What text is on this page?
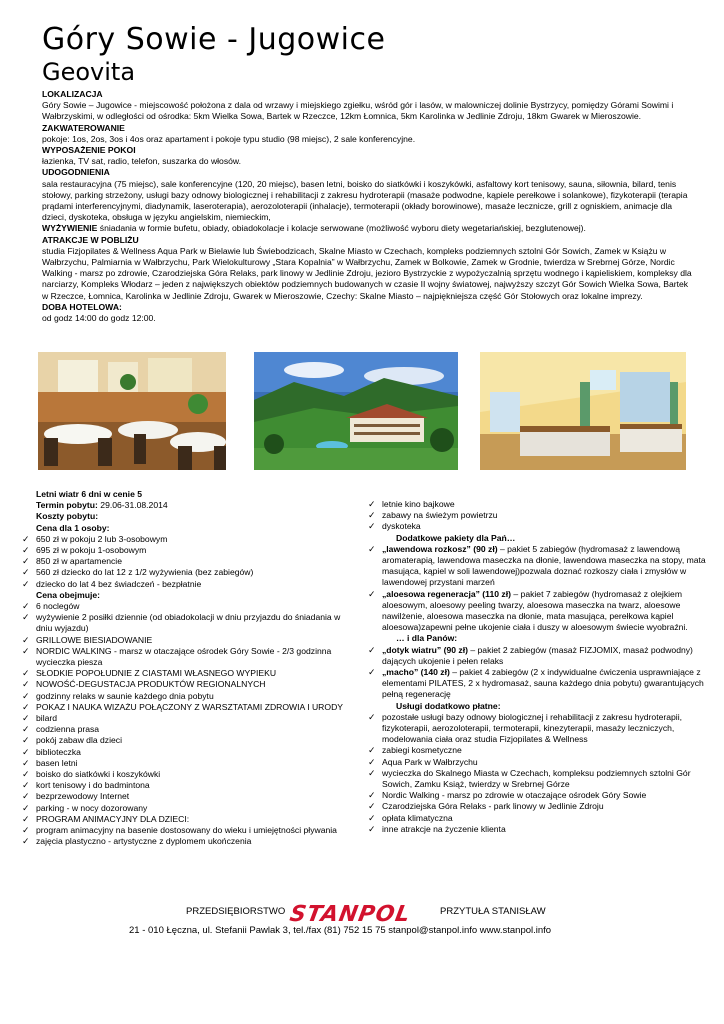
Góry Sowie - Jugowice
Geovita

LOKALIZACJA

Góry Sowie – Jugowice - miejscowość położona z dala od wrzawy i miejskiego zgiełku, wśród gór i lasów, w malowniczej dolinie Bystrzycy, pomiędzy Górami Sowimi i Wałbrzyskimi, w odległości od ośrodka: 5km Wielka Sowa, Bartek w Rzeczce, 12km Łomnica, 5km Karolinka w Jedlinie Zdroju, 18km Gwarek w Mieroszowie.

ZAKWATEROWANIE

pokoje: 1os, 2os, 3os i 4os oraz apartament i pokoje typu studio (98 miejsc), 2 sale konferencyjne.

WYPOSAŻENIE POKOI

łazienka, TV sat, radio, telefon, suszarka do włosów.

UDOGODNIENIA

sala restauracyjna (75 miejsc), sale konferencyjne (120, 20 miejsc), basen letni, boisko do siatkówki i koszykówki, asfaltowy kort tenisowy, sauna, siłownia, bilard, tenis stołowy, parking strzeżony, usługi bazy odnowy biologicznej i rehabilitacji z zakresu hydroterapii (masaże podwodne, kąpiele perełkowe i solankowe), fizykoterapii (terapia prądami interferencyjnymi, diadynamik, laseroterapia), aerozoloterapii (inhalacje), termoterapii (okłady borowinowe), masaże lecznicze, grill z ogniskiem, animacje dla dzieci, dyskoteka, obsługa w języku angielskim, niemieckim,

WYŻYWIENIE śniadania w formie bufetu, obiady, obiadokolacje i kolacje serwowane (możliwość wyboru diety wegetariańskiej, bezglutenowej).

ATRAKCJE W POBLIŻU

studia Fizjopilates & Wellness Aqua Park w Bielawie lub Świebodzicach, Skalne Miasto w Czechach, kompleks podziemnych sztolni Gór Sowich, Zamek w Książu w Wałbrzychu, Palmiarnia w Wałbrzychu, Park Wielokulturowy „Stara Kopalnia” w Wałbrzychu, Zamek w Bolkowie, Zamek w Grodnie, twierdza w Srebrnej Górze, Nordic Walking - marsz po zdrowie, Czarodziejska Góra Relaks, park linowy w Jedlinie Zdroju, jezioro Bystrzyckie z wypożyczalnią sprzętu wodnego i kąpieliskiem, kompleksy dla narciarzy, Kompleks Włodarz – jeden z największych obiektów podziemnych budowanych w czasie II wojny światowej, najwyższy szczyt Gór Sowich Wielka Sowa, Bartek w Rzeczce, Łomnica, Karolinka w Jedlinie Zdroju, Gwarek w Mieroszowie, Czechy: Skalne Miasto – najpiękniejsza część Gór Stołowych oraz lokalne imprezy.

DOBA HOTELOWA:

od godz 14:00 do godz 12:00.

Letni wiatr 6 dni w cenie 5

Termin pobytu: 29.06-31.08.2014

Koszty pobytu:

Cena dla 1 osoby:

✓ 650 zł w pokoju 2 lub 3-osobowym

✓ 695 zł w pokoju 1-osobowym

✓ 850 zł w apartamencie

✓ 560 zł dziecko do lat 12 z 1/2 wyżywienia (bez zabiegów)

✓ dziecko do lat 4 bez świadczeń - bezpłatnie

Cena obejmuje:

✓ 6 noclegów

✓ wyżywienie 2 posiłki dziennie (od obiadokolacji w dniu przyjazdu do śniadania w dniu wyjazdu)

✓ GRILLOWE BIESIADOWANIE

✓ NORDIC WALKING - marsz w otaczające ośrodek Góry Sowie - 2/3 godzinna wycieczka piesza

✓ SŁODKIE POPOŁUDNIE Z CIASTAMI WŁASNEGO WYPIEKU

✓ NOWOŚĆ-DEGUSTACJA PRODUKTÓW REGIONALNYCH

✓ godzinny relaks w saunie każdego dnia pobytu

✓ POKAZ I NAUKA WIZAŻU POŁĄCZONY Z WARSZTATAMI ZDROWIA I URODY

✓ bilard

✓ codzienna prasa

✓ pokój zabaw dla dzieci

✓ biblioteczka

✓ basen letni

✓ boisko do siatkówki i koszykówki

✓ kort tenisowy i do badmintona

✓ bezprzewodowy Internet

✓ parking - w nocy dozorowany

✓ PROGRAM ANIMACYJNY DLA DZIECI:

✓ program animacyjny na basenie dostosowany do wieku i umiejętności pływania

✓ zajęcia plastyczno - artystyczne z dyplomem ukończenia

✓ letnie kino bajkowe

✓ zabawy na świeżym powietrzu

✓ dyskoteka

Dodatkowe pakiety dla Pań…

✓ „lawendowa rozkosz” (90 zł) – pakiet 5 zabiegów (hydromasaż z lawendową aromaterapią, lawendowa maseczka na dłonie, lawendowa maseczka na stopy, mata masująca, kąpiel w soli lawendowej)pozwala doznać rozkoszy ciała i zmysłów w lawendowej przystani marzeń

✓ „aloesowa regeneracja” (110 zł) – pakiet 7 zabiegów (hydromasaż z olejkiem aloesowym, aloesowy peeling twarzy, aloesowa maseczka na twarz, aloesowe nawilżenie, aloesowa maseczka na dłonie, mata masująca, perełkowa kąpiel aloesowa)zapewni pełne ukojenie ciała i duszy w aloesowym świecie wyobraźni.

… i dla Panów:

✓ „dotyk wiatru” (90 zł) – pakiet 2 zabiegów (masaż FIZJOMIX, masaż podwodny) dających ukojenie i pełen relaks

✓ „macho” (140 zł) – pakiet 4 zabiegów (2 x indywidualne ćwiczenia usprawniające z elementami PILATES, 2 x hydromasaż, sauna każdego dnia pobytu) gwarantujących pełną regenerację

Usługi dodatkowo płatne:

✓ pozostałe usługi bazy odnowy biologicznej i rehabilitacji z zakresu hydroterapii, fizykoterapii, aerozoloterapii, termoterapii, kinezyterapii, masaży leczniczych, modelowania ciała oraz studia Fizjopilates & Wellness

✓ zabiegi kosmetyczne

✓ Aqua Park w Wałbrzychu

✓ wycieczka do Skalnego Miasta w Czechach, kompleksu podziemnych sztolni Gór Sowich, Zamku Książ, twierdzy w Srebrnej Górze

✓ Nordic Walking - marsz po zdrowie w otaczające ośrodek Góry Sowie

✓ Czarodziejska Góra Relaks - park linowy w Jedlinie Zdroju

✓ opłata klimatyczna

✓ inne atrakcje na życzenie klienta

PRZEDSIĘBIORSTWO STANPOL	PRZYTUŁA STANISŁAW
21 - 010 Łęczna, ul. Stefanii Pawlak 3, tel./fax (81) 752 15 75 stanpol@stanpol.info www.stanpol.info
